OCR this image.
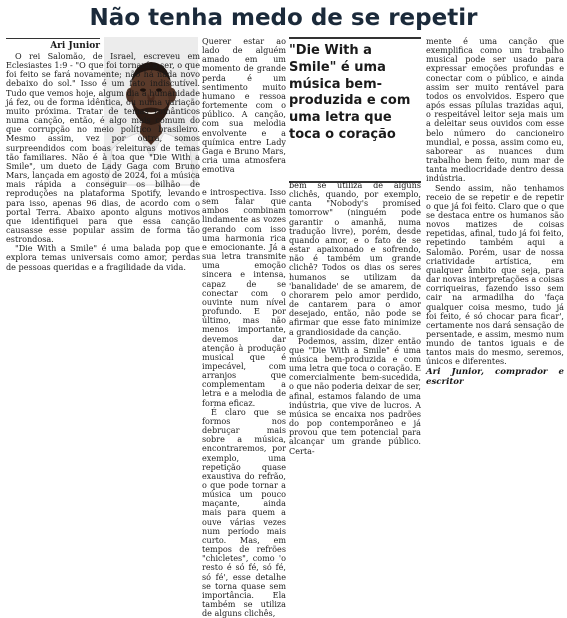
Não tenha medo de se repetir
Ari Junior

O rei Salomão, de Israel, escreveu em Eclesiastes 1:9 - "O que foi tornará a ser, o que foi feito se fará novamente; não há nada novo debaixo do sol." Isso é um fato indiscutível. Tudo que vemos hoje, algum dia a humanidade já fez, ou de forma idêntica, ou numa variação muito próxima. Tratar de temas românticos numa canção, então, é algo mais comum do que corrupção no meio político brasileiro. Mesmo assim, vez por outra, somos surpreendidos com boas releituras de temas tão familiares. Não é à toa que "Die With a Smile", um dueto de Lady Gaga com Bruno Mars, lançada em agosto de 2024, foi a música mais rápida a conseguir os bilhão de reproduções na plataforma Spotify, levando para isso, apenas 96 dias, de acordo com o portal Terra. Abaixo aponto alguns motivos que identifiquei para que essa canção causasse esse popular assim de forma tão estrondosa.

"Die With a Smile" é uma balada pop que explora temas universais como amor, perdas de pessoas queridas e a fragilidade da vida.

Querer estar ao lado de alguém amado em um momento de grande perda é um sentimento muito humano e ressoa fortemente com o público. A canção, com sua melodia envolvente e a química entre Lady Gaga e Bruno Mars, cria uma atmosfera emotiva

e introspectiva. Isso sem falar que ambos combinam lindamente as vozes gerando com isso uma harmonia rica e emocionante. Já a sua letra transmite uma emoção sincera e intensa, capaz de se conectar com o ouvinte num nível profundo. E por último, mas não menos importante, devemos dar atenção à produção musical que é impecável, com arranjos que complementam a letra e a melodia de forma eficaz.

É claro que se formos nos debruçar mais sobre a música, encontraremos, por exemplo, uma repetição quase exaustiva do refrão, o que pode tornar a música um pouco maçante, ainda mais para quem a ouve várias vezes num período mais curto. Mas, em tempos de refrões "chicletes", como 'o resto é só fé, só fé, só fé', esse detalhe se torna quase sem importância. Ela também se utiliza de alguns clichês,

"Die With a Smile" é uma música bem-produzida e com uma letra que toca o coração

bem se utiliza de alguns clichês, quando, por exemplo, canta "Nobody's promised tomorrow" (ninguém pode garantir o amanhã, numa tradução livre), porém, desde quando amor, e o fato de se estar apaixonado e sofrendo, não é também um grande clichê? Todos os dias os seres humanos se utilizam da 'banalidade' de se amarem, de chorarem pelo amor perdido, de cantarem para o amor desejado, então, não pode se afirmar que esse fato minimize a grandiosidade da canção.

Podemos, assim, dizer então que "Die With a Smile" é uma música bem-produzida e com uma letra que toca o coração. E comercialmente bem-sucedida, o que não poderia deixar de ser, afinal, estamos falando de uma indústria, que vive de lucros. A música se encaixa nos padrões do pop contemporâneo e já provou que tem potencial para alcançar um grande público. Certa-

mente é uma canção que exemplifica como um trabalho musical pode ser usado para expressar emoções profundas e conectar com o público, e ainda assim ser muito rentável para todos os envolvidos. Espero que após essas pílulas trazidas aqui, o respeitável leitor seja mais um a deleitar seus ouvidos com esse belo número do cancioneiro mundial, e possa, assim como eu, saborear as nuances dum trabalho bem feito, num mar de tanta mediocridade dentro dessa indústria.

Sendo assim, não tenhamos receio de se repetir e de repetir o que já foi feito. Claro que o que se destaca entre os humanos são novos matizes de coisas repetidas, afinal, tudo já foi feito, repetindo também aqui a Salomão. Porém, usar de nossa criatividade artística, em qualquer âmbito que seja, para dar novas interpretações a coisas corriqueiras, fazendo isso sem cair na armadilha do 'faça qualquer coisa mesmo, tudo já foi feito, é só chocar para ficar', certamente nos dará sensação de persentade, e assim, mesmo num mundo de tantos iguais e de tantos mais do mesmo, seremos, únicos e diferentes.

Ari Junior, comprador e escritor
